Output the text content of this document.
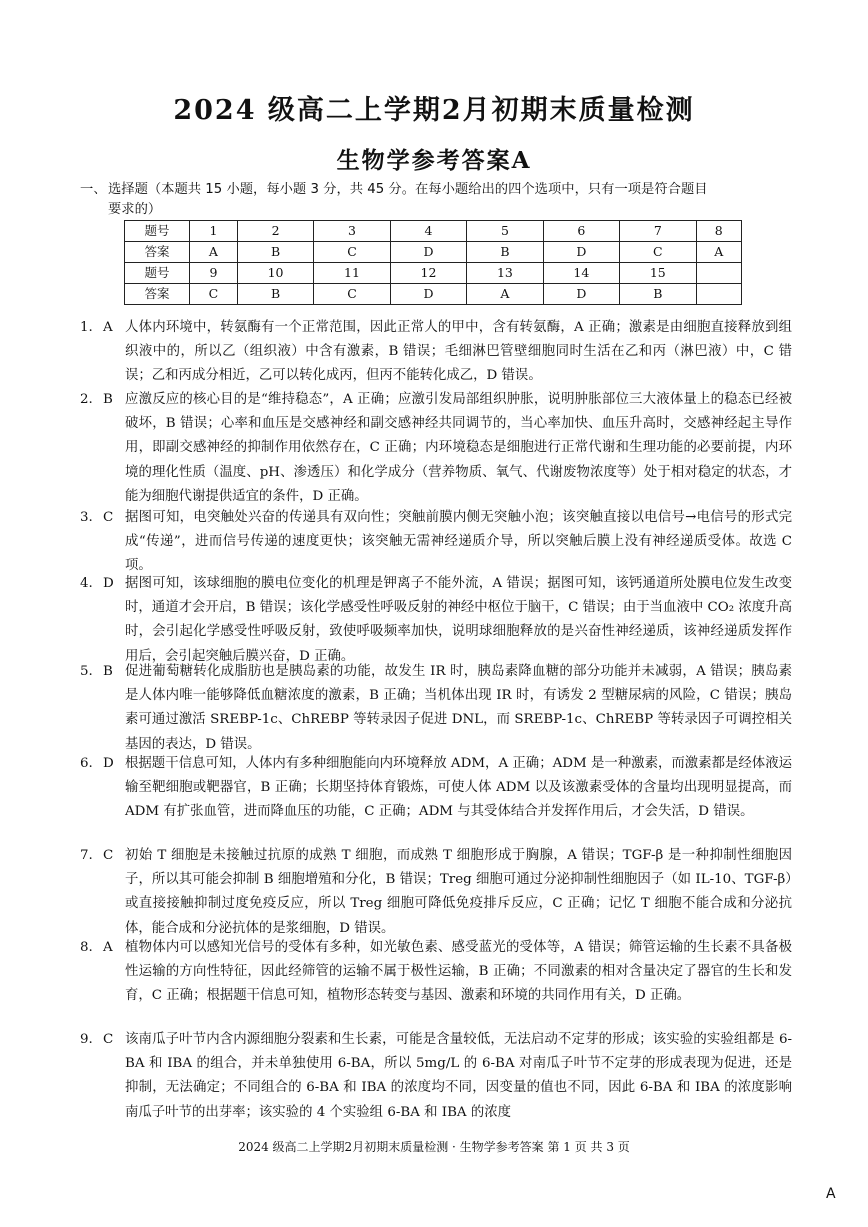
2024 级高二上学期2月初期末质量检测
生物学参考答案A
一、选择题（本题共 15 小题，每小题 3 分，共 45 分。在每小题给出的四个选项中，只有一项是符合题目
要求的）
题号	1	2	3	4	5	6	7	8
答案	A	B	C	D	B	D	C	A
题号	9	10	11	12	13	14	15	
答案	C	B	C	D	A	D	B	
1. A 人体内环境中，转氨酶有一个正常范围，因此正常人的甲中，含有转氨酶，A 正确；激素是由细胞直接释放到组织液中的，所以乙（组织液）中含有激素，B 错误；毛细淋巴管壁细胞同时生活在乙和丙（淋巴液）中，C 错误；乙和丙成分相近，乙可以转化成丙，但丙不能转化成乙，D 错误。
2. B 应激反应的核心目的是“维持稳态”，A 正确；应激引发局部组织肿胀，说明肿胀部位三大液体量上的稳态已经被破坏，B 错误；心率和血压是交感神经和副交感神经共同调节的，当心率加快、血压升高时，交感神经起主导作用，即副交感神经的抑制作用依然存在，C 正确；内环境稳态是细胞进行正常代谢和生理功能的必要前提，内环境的理化性质（温度、pH、渗透压）和化学成分（营养物质、氧气、代谢废物浓度等）处于相对稳定的状态，才能为细胞代谢提供适宜的条件，D 正确。
3. C 据图可知，电突触处兴奋的传递具有双向性；突触前膜内侧无突触小泡；该突触直接以电信号→电信号的形式完成“传递”，进而信号传递的速度更快；该突触无需神经递质介导，所以突触后膜上没有神经递质受体。故选 C 项。
4. D 据图可知，该球细胞的膜电位变化的机理是钾离子不能外流，A 错误；据图可知，该钙通道所处膜电位发生改变时，通道才会开启，B 错误；该化学感受性呼吸反射的神经中枢位于脑干，C 错误；由于当血液中 CO₂ 浓度升高时，会引起化学感受性呼吸反射，致使呼吸频率加快，说明球细胞释放的是兴奋性神经递质，该神经递质发挥作用后，会引起突触后膜兴奋，D 正确。
5. B 促进葡萄糖转化成脂肪也是胰岛素的功能，故发生 IR 时，胰岛素降血糖的部分功能并未减弱，A 错误；胰岛素是人体内唯一能够降低血糖浓度的激素，B 正确；当机体出现 IR 时，有诱发 2 型糖尿病的风险，C 错误；胰岛素可通过激活 SREBP-1c、ChREBP 等转录因子促进 DNL，而 SREBP-1c、ChREBP 等转录因子可调控相关基因的表达，D 错误。
6. D 根据题干信息可知，人体内有多种细胞能向内环境释放 ADM，A 正确；ADM 是一种激素，而激素都是经体液运输至靶细胞或靶器官，B 正确；长期坚持体育锻炼，可使人体 ADM 以及该激素受体的含量均出现明显提高，而 ADM 有扩张血管，进而降血压的功能，C 正确；ADM 与其受体结合并发挥作用后，才会失活，D 错误。
7. C 初始 T 细胞是未接触过抗原的成熟 T 细胞，而成熟 T 细胞形成于胸腺，A 错误；TGF-β 是一种抑制性细胞因子，所以其可能会抑制 B 细胞增殖和分化，B 错误；Treg 细胞可通过分泌抑制性细胞因子（如 IL-10、TGF-β）或直接接触抑制过度免疫反应，所以 Treg 细胞可降低免疫排斥反应，C 正确；记忆 T 细胞不能合成和分泌抗体，能合成和分泌抗体的是浆细胞，D 错误。
8. A 植物体内可以感知光信号的受体有多种，如光敏色素、感受蓝光的受体等，A 错误；筛管运输的生长素不具备极性运输的方向性特征，因此经筛管的运输不属于极性运输，B 正确；不同激素的相对含量决定了器官的生长和发育，C 正确；根据题干信息可知，植物形态转变与基因、激素和环境的共同作用有关，D 正确。
9. C 该南瓜子叶节内含内源细胞分裂素和生长素，可能是含量较低，无法启动不定芽的形成；该实验的实验组都是 6-BA 和 IBA 的组合，并未单独使用 6-BA，所以 5mg/L 的 6-BA 对南瓜子叶节不定芽的形成表现为促进，还是抑制，无法确定；不同组合的 6-BA 和 IBA 的浓度均不同，因变量的值也不同，因此 6-BA 和 IBA 的浓度影响南瓜子叶节的出芽率；该实验的 4 个实验组 6-BA 和 IBA 的浓度
2024 级高二上学期2月初期末质量检测 · 生物学参考答案 第 1 页 共 3 页
A
